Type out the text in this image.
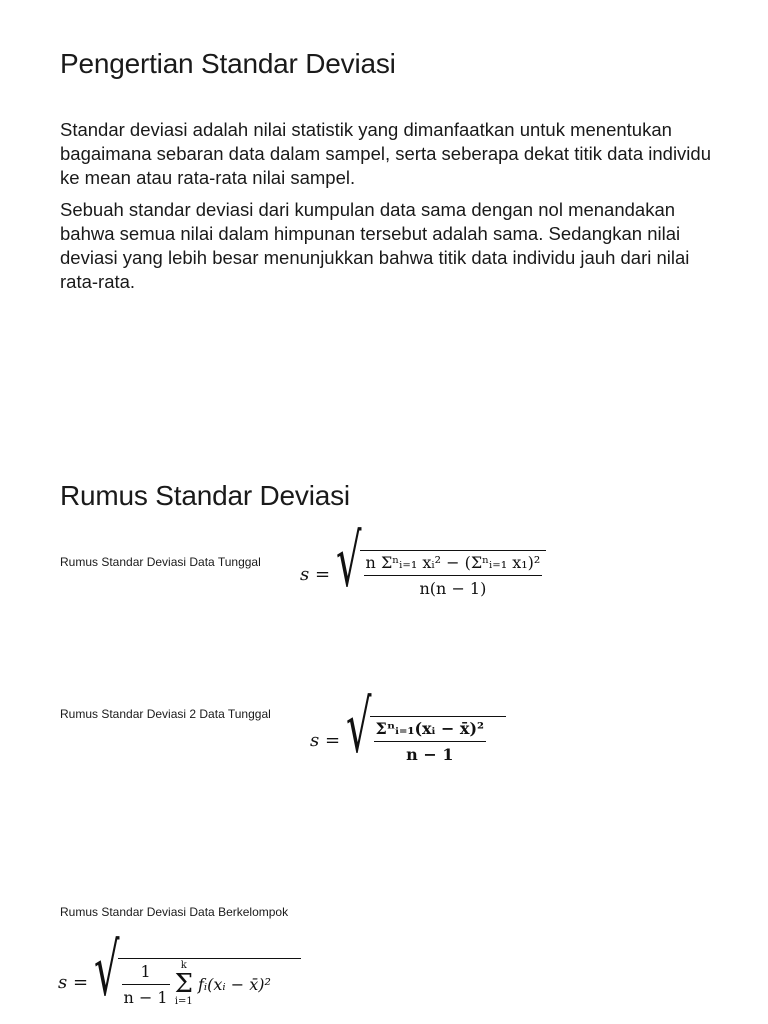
Pengertian Standar Deviasi

Standar deviasi adalah nilai statistik yang dimanfaatkan untuk menentukan bagaimana sebaran data dalam sampel, serta seberapa dekat titik data individu ke mean atau rata-rata nilai sampel.

Sebuah standar deviasi dari kumpulan data sama dengan nol menandakan bahwa semua nilai dalam himpunan tersebut adalah sama. Sedangkan nilai deviasi yang lebih besar menunjukkan bahwa titik data individu jauh dari nilai rata-rata.

Rumus Standar Deviasi
Rumus Standar Deviasi Data Tunggal
s = √ $\frac{\text{n Σⁿᵢ₌₁ xᵢ² − (Σⁿᵢ₌₁ x₁)²}}{n(n - 1)}$
Rumus Standar Deviasi 2 Data Tunggal
s = √ $\frac{\text{Σⁿᵢ₌₁(xᵢ − x̄)²}}{n - 1}$
Rumus Standar Deviasi Data Berkelompok
s = √ $\frac{1}{n - 1}$ k
Σ
i=1
fᵢ(xᵢ − x̄)²
